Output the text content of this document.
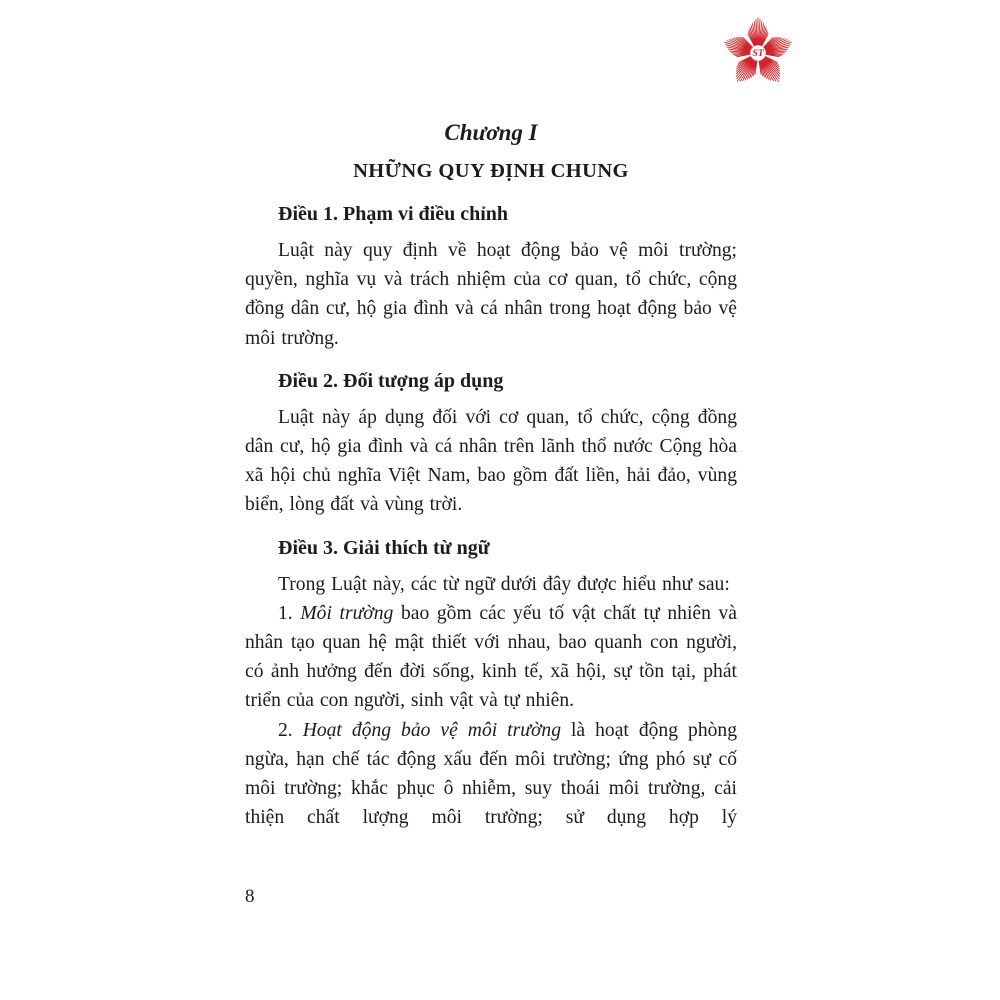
ST

Chương I

NHỮNG QUY ĐỊNH CHUNG

Điều 1. Phạm vi điều chỉnh

Luật này quy định về hoạt động bảo vệ môi trường; quyền, nghĩa vụ và trách nhiệm của cơ quan, tổ chức, cộng đồng dân cư, hộ gia đình và cá nhân trong hoạt động bảo vệ môi trường.

Điều 2. Đối tượng áp dụng

Luật này áp dụng đối với cơ quan, tổ chức, cộng đồng dân cư, hộ gia đình và cá nhân trên lãnh thổ nước Cộng hòa xã hội chủ nghĩa Việt Nam, bao gồm đất liền, hải đảo, vùng biển, lòng đất và vùng trời.

Điều 3. Giải thích từ ngữ

Trong Luật này, các từ ngữ dưới đây được hiểu như sau:

1. Môi trường bao gồm các yếu tố vật chất tự nhiên và nhân tạo quan hệ mật thiết với nhau, bao quanh con người, có ảnh hưởng đến đời sống, kinh tế, xã hội, sự tồn tại, phát triển của con người, sinh vật và tự nhiên.

2. Hoạt động bảo vệ môi trường là hoạt động phòng ngừa, hạn chế tác động xấu đến môi trường; ứng phó sự cố môi trường; khắc phục ô nhiễm, suy thoái môi trường, cải thiện chất lượng môi trường; sử dụng hợp lý

8
